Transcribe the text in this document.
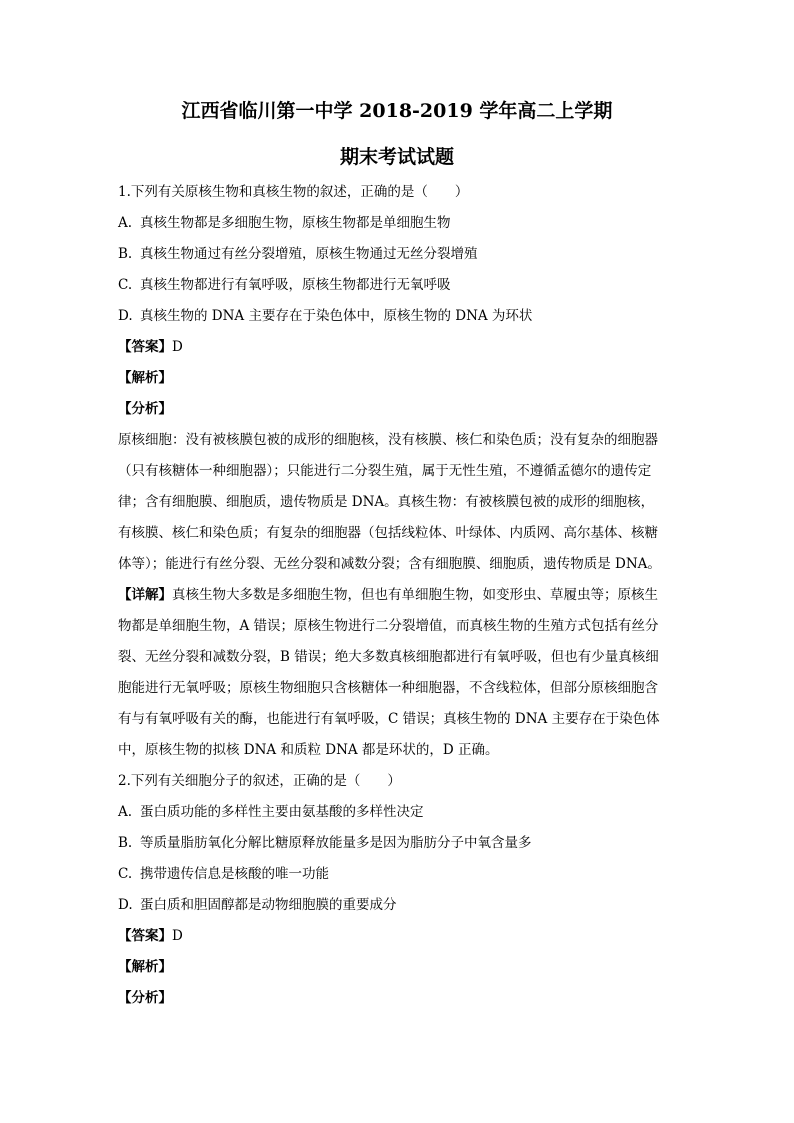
江西省临川第一中学 2018-2019 学年高二上学期
期末考试试题

1.下列有关原核生物和真核生物的叙述，正确的是（　　）

A. 真核生物都是多细胞生物，原核生物都是单细胞生物

B. 真核生物通过有丝分裂增殖，原核生物通过无丝分裂增殖

C. 真核生物都进行有氧呼吸，原核生物都进行无氧呼吸

D. 真核生物的 DNA 主要存在于染色体中，原核生物的 DNA 为环状

【答案】D

【解析】

【分析】

原核细胞：没有被核膜包被的成形的细胞核，没有核膜、核仁和染色质；没有复杂的细胞器
（只有核糖体一种细胞器）；只能进行二分裂生殖，属于无性生殖，不遵循孟德尔的遗传定
律；含有细胞膜、细胞质，遗传物质是 DNA。真核生物：有被核膜包被的成形的细胞核，
有核膜、核仁和染色质；有复杂的细胞器（包括线粒体、叶绿体、内质网、高尔基体、核糖
体等）；能进行有丝分裂、无丝分裂和减数分裂；含有细胞膜、细胞质，遗传物质是 DNA。

【详解】真核生物大多数是多细胞生物，但也有单细胞生物，如变形虫、草履虫等；原核生
物都是单细胞生物，A 错误；原核生物进行二分裂增值，而真核生物的生殖方式包括有丝分
裂、无丝分裂和减数分裂，B 错误；绝大多数真核细胞都进行有氧呼吸，但也有少量真核细
胞能进行无氧呼吸；原核生物细胞只含核糖体一种细胞器，不含线粒体，但部分原核细胞含
有与有氧呼吸有关的酶，也能进行有氧呼吸，C 错误；真核生物的 DNA 主要存在于染色体
中，原核生物的拟核 DNA 和质粒 DNA 都是环状的，D 正确。

2.下列有关细胞分子的叙述，正确的是（　　）

A. 蛋白质功能的多样性主要由氨基酸的多样性决定

B. 等质量脂肪氧化分解比糖原释放能量多是因为脂肪分子中氧含量多

C. 携带遗传信息是核酸的唯一功能

D. 蛋白质和胆固醇都是动物细胞膜的重要成分

【答案】D

【解析】

【分析】
